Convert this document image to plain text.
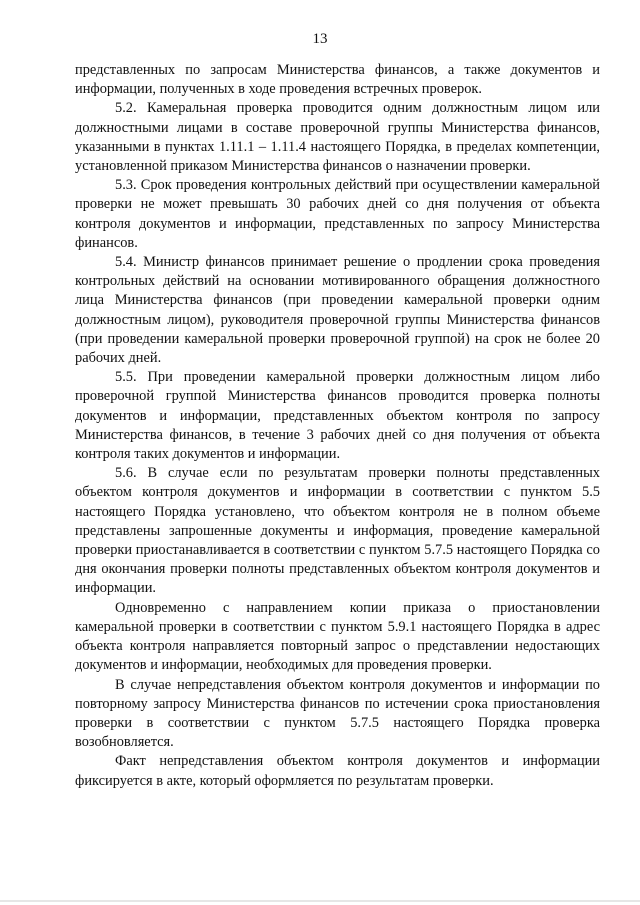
13

представленных по запросам Министерства финансов, а также документов и информации, полученных в ходе проведения встречных проверок.

5.2. Камеральная проверка проводится одним должностным лицом или должностными лицами в составе проверочной группы Министерства финансов, указанными в пунктах 1.11.1 – 1.11.4 настоящего Порядка, в пределах компетенции, установленной приказом Министерства финансов о назначении проверки.

5.3. Срок проведения контрольных действий при осуществлении камеральной проверки не может превышать 30 рабочих дней со дня получения от объекта контроля документов и информации, представленных по запросу Министерства финансов.

5.4. Министр финансов принимает решение о продлении срока проведения контрольных действий на основании мотивированного обращения должностного лица Министерства финансов (при проведении камеральной проверки одним должностным лицом), руководителя проверочной группы Министерства финансов (при проведении камеральной проверки проверочной группой) на срок не более 20 рабочих дней.

5.5. При проведении камеральной проверки должностным лицом либо проверочной группой Министерства финансов проводится проверка полноты документов и информации, представленных объектом контроля по запросу Министерства финансов, в течение 3 рабочих дней со дня получения от объекта контроля таких документов и информации.

5.6. В случае если по результатам проверки полноты представленных объектом контроля документов и информации в соответствии с пунктом 5.5 настоящего Порядка установлено, что объектом контроля не в полном объеме представлены запрошенные документы и информация, проведение камеральной проверки приостанавливается в соответствии с пунктом 5.7.5 настоящего Порядка со дня окончания проверки полноты представленных объектом контроля документов и информации.

Одновременно с направлением копии приказа о приостановлении камеральной проверки в соответствии с пунктом 5.9.1 настоящего Порядка в адрес объекта контроля направляется повторный запрос о представлении недостающих документов и информации, необходимых для проведения проверки.

В случае непредставления объектом контроля документов и информации по повторному запросу Министерства финансов по истечении срока приостановления проверки в соответствии с пунктом 5.7.5 настоящего Порядка проверка возобновляется.

Факт непредставления объектом контроля документов и информации фиксируется в акте, который оформляется по результатам проверки.
